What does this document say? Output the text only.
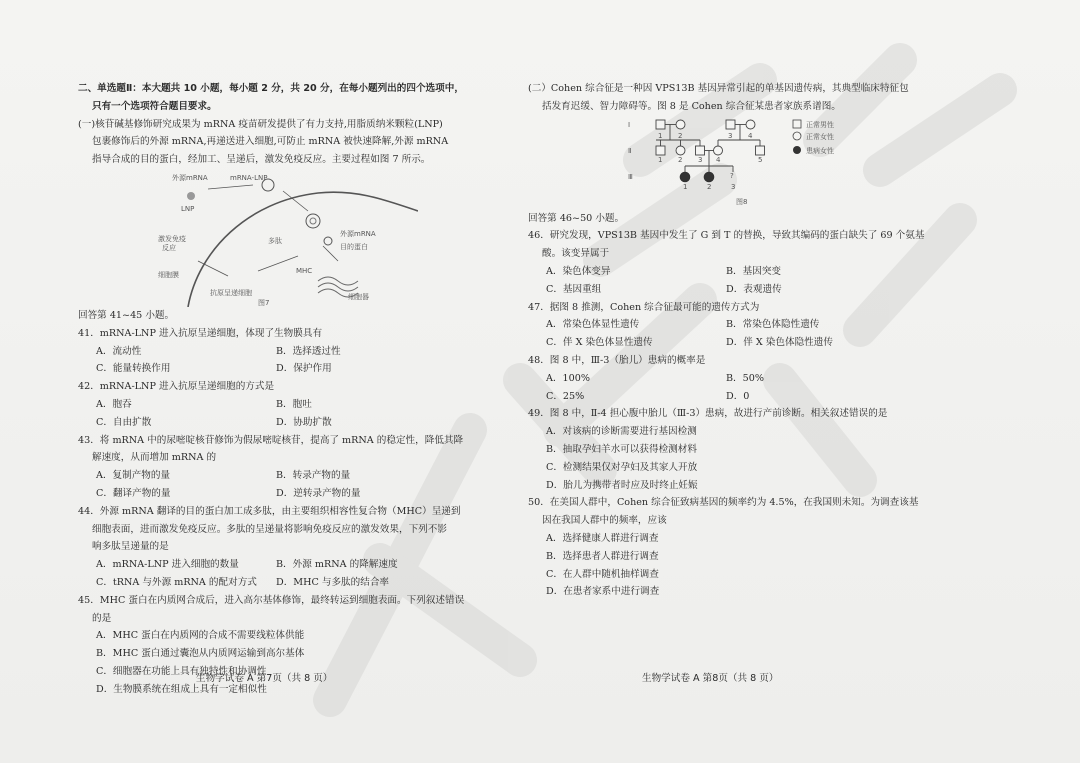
二、单选题Ⅱ：本大题共 10 小题，每小题 2 分，共 20 分，在每小题列出的四个选项中，
只有一个选项符合题目要求。
(一)核苷碱基修饰研究成果为 mRNA 疫苗研发提供了有力支持,用脂质纳米颗粒(LNP)
包裹修饰后的外源 mRNA,再递送进入细胞,可防止 mRNA 被快速降解,外源 mRNA
指导合成的目的蛋白，经加工、呈递后，激发免疫反应。主要过程如图 7 所示。
外源mRNA	mRNA-LNP
LNP
外源mRNA
目的蛋白
激发免疫
反应
多肽
MHC
细胞膜
抗原呈递细胞	细胞器
图7
回答第 41~45 小题。
41．mRNA-LNP 进入抗原呈递细胞，体现了生物膜具有
A．流动性	B．选择透过性
C．能量转换作用	D．保护作用
42．mRNA-LNP 进入抗原呈递细胞的方式是
A．胞吞	B．胞吐
C．自由扩散	D．协助扩散
43．将 mRNA 中的尿嘧啶核苷修饰为假尿嘧啶核苷，提高了 mRNA 的稳定性，降低其降
解速度，从而增加 mRNA 的
A．复制产物的量	B．转录产物的量
C．翻译产物的量	D．逆转录产物的量
44．外源 mRNA 翻译的目的蛋白加工成多肽，由主要组织相容性复合物（MHC）呈递到
细胞表面，进而激发免疫反应。多肽的呈递量将影响免疫反应的激发效果，下列不影
响多肽呈递量的是
A．mRNA-LNP 进入细胞的数量	B．外源 mRNA 的降解速度
C．tRNA 与外源 mRNA 的配对方式	D．MHC 与多肽的结合率
45．MHC 蛋白在内质网合成后，进入高尔基体修饰，最终转运到细胞表面。下列叙述错误
的是
A．MHC 蛋白在内质网的合成不需要线粒体供能
B．MHC 蛋白通过囊泡从内质网运输到高尔基体
C．细胞器在功能上具有独特性和协调性
D．生物膜系统在组成上具有一定相似性
生物学试卷 A 第7页（共 8 页）
(二）Cohen 综合征是一种因 VPS13B 基因异常引起的单基因遗传病，其典型临床特征包
括发育迟缓、智力障碍等。图 8 是 Cohen 综合征某患者家族系谱图。
1 2	3 4
1 2 3 4	5
1	2	3
?
Ⅰ
Ⅱ
Ⅲ
正常男性
正常女性
患病女性
图8
回答第 46~50 小题。
46．研究发现，VPS13B 基因中发生了 G 到 T 的替换，导致其编码的蛋白缺失了 69 个氨基
酸。该变异属于
A．染色体变异	B．基因突变
C．基因重组	D．表观遗传
47．据图 8 推测，Cohen 综合征最可能的遗传方式为
A．常染色体显性遗传	B．常染色体隐性遗传
C．伴 X 染色体显性遗传	D．伴 X 染色体隐性遗传
48．图 8 中，Ⅲ-3（胎儿）患病的概率是
A．100%	B．50%
C．25%	D．0
49．图 8 中，Ⅱ-4 担心腹中胎儿（Ⅲ-3）患病，故进行产前诊断。相关叙述错误的是
A．对该病的诊断需要进行基因检测
B．抽取孕妇羊水可以获得检测材料
C．检测结果仅对孕妇及其家人开放
D．胎儿为携带者时应及时终止妊娠
50．在美国人群中，Cohen 综合征致病基因的频率约为 4.5%，在我国则未知。为调查该基
因在我国人群中的频率，应该
A．选择健康人群进行调查
B．选择患者人群进行调查
C．在人群中随机抽样调查
D．在患者家系中进行调查
生物学试卷 A 第8页（共 8 页）
